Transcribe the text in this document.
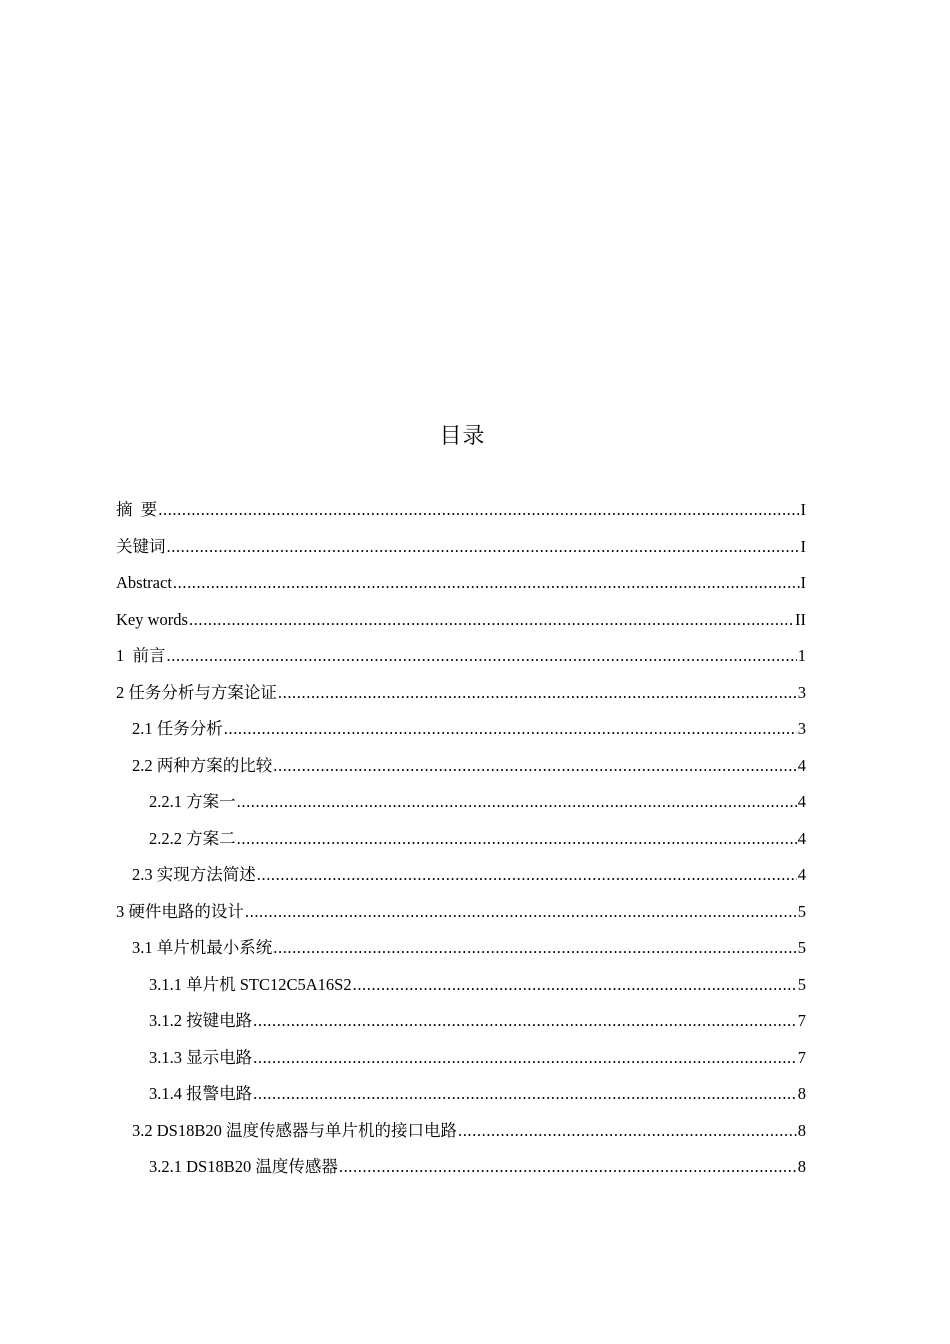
目录
摘  要 .....	I
关键词 .....	I
Abstract .....	I
Key words .....	II
1  前言 .....	1
2 任务分析与方案论证 .....	3
2.1 任务分析 .....	3
2.2 两种方案的比较 .....	4
2.2.1 方案一 .....	4
2.2.2 方案二 .....	4
2.3 实现方法简述 .....	4
3 硬件电路的设计 .....	5
3.1 单片机最小系统 .....	5
3.1.1 单片机 STC12C5A16S2 .....	5
3.1.2 按键电路 .....	7
3.1.3 显示电路 .....	7
3.1.4 报警电路 .....	8
3.2 DS18B20 温度传感器与单片机的接口电路 .....	8
3.2.1 DS18B20 温度传感器 .....	8
